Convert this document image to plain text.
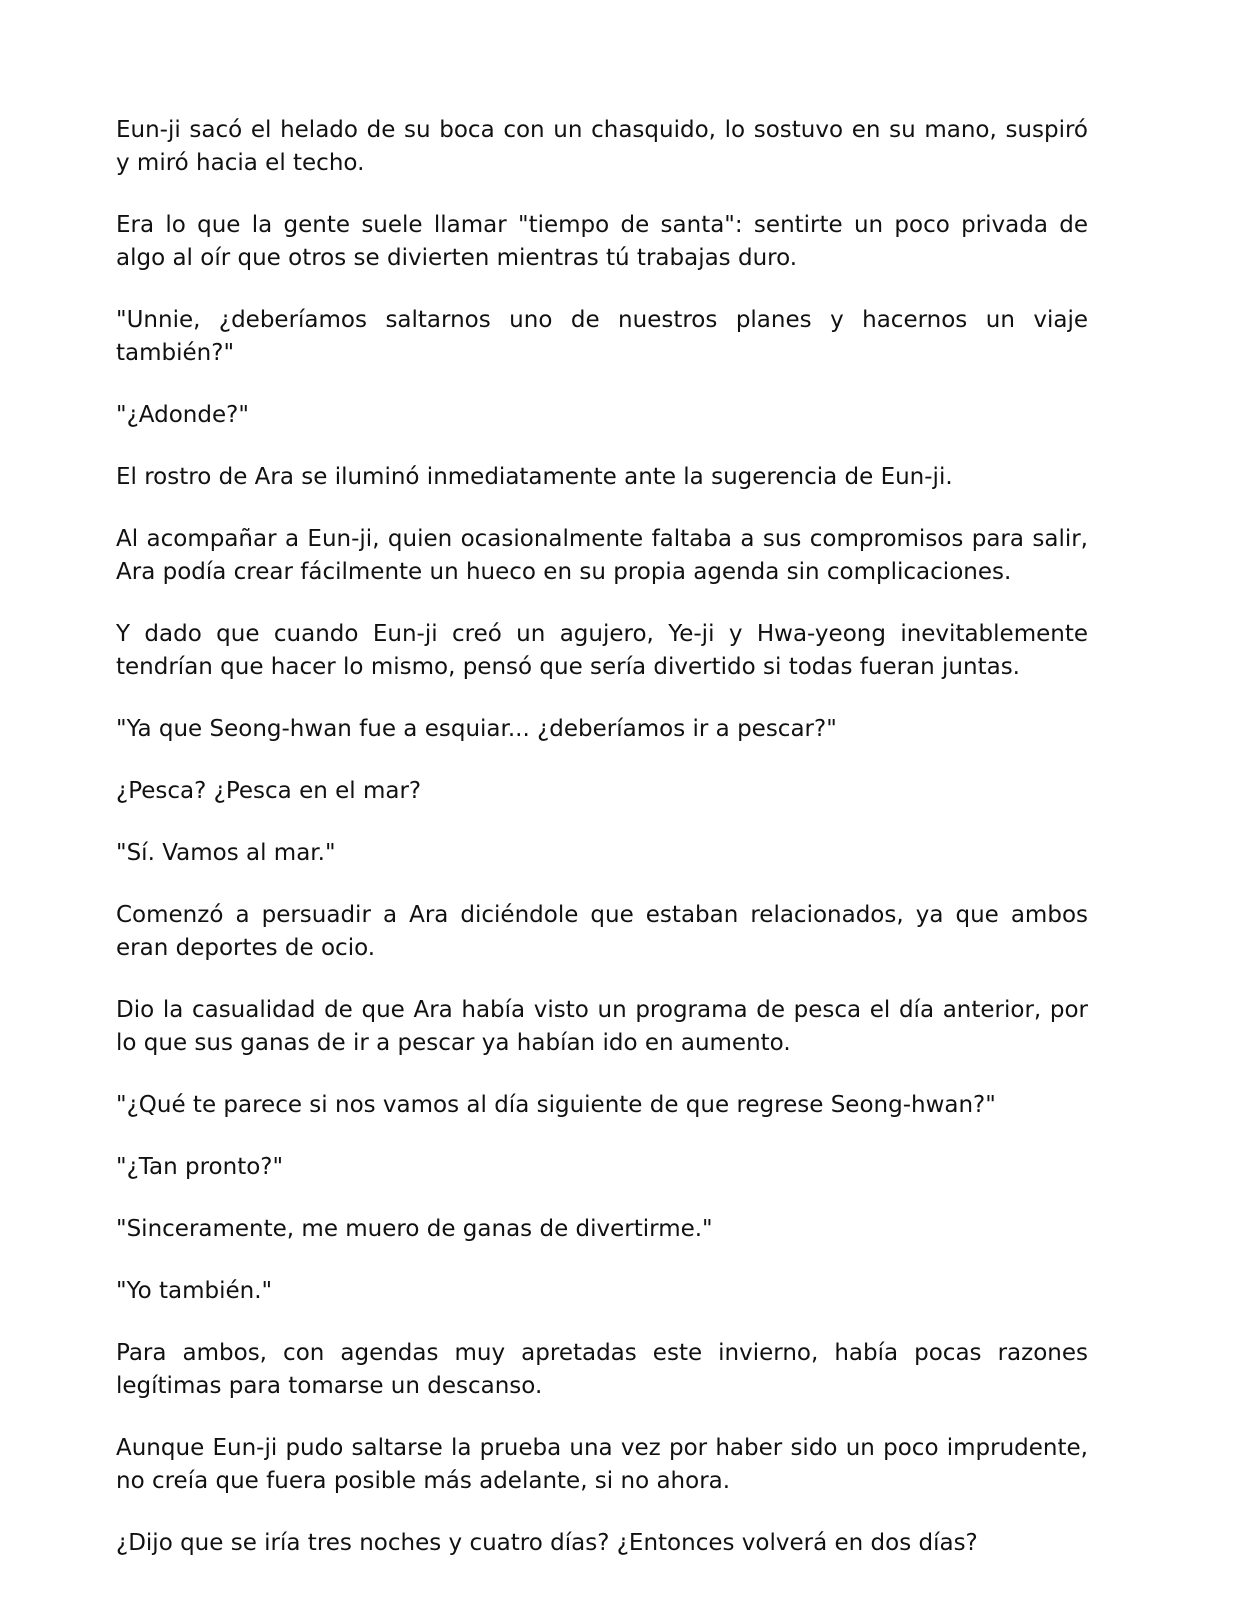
Eun-ji sacó el helado de su boca con un chasquido, lo sostuvo en su mano, suspiró y miró hacia el techo.

Era lo que la gente suele llamar "tiempo de santa": sentirte un poco privada de algo al oír que otros se divierten mientras tú trabajas duro.

"Unnie, ¿deberíamos saltarnos uno de nuestros planes y hacernos un viaje también?"

"¿Adonde?"

El rostro de Ara se iluminó inmediatamente ante la sugerencia de Eun-ji.

Al acompañar a Eun-ji, quien ocasionalmente faltaba a sus compromisos para salir, Ara podía crear fácilmente un hueco en su propia agenda sin complicaciones.

Y dado que cuando Eun-ji creó un agujero, Ye-ji y Hwa-yeong inevitablemente tendrían que hacer lo mismo, pensó que sería divertido si todas fueran juntas.

"Ya que Seong-hwan fue a esquiar... ¿deberíamos ir a pescar?"

¿Pesca? ¿Pesca en el mar?

"Sí. Vamos al mar."

Comenzó a persuadir a Ara diciéndole que estaban relacionados, ya que ambos eran deportes de ocio.

Dio la casualidad de que Ara había visto un programa de pesca el día anterior, por lo que sus ganas de ir a pescar ya habían ido en aumento.

"¿Qué te parece si nos vamos al día siguiente de que regrese Seong-hwan?"

"¿Tan pronto?"

"Sinceramente, me muero de ganas de divertirme."

"Yo también."

Para ambos, con agendas muy apretadas este invierno, había pocas razones legítimas para tomarse un descanso.

Aunque Eun-ji pudo saltarse la prueba una vez por haber sido un poco imprudente, no creía que fuera posible más adelante, si no ahora.

¿Dijo que se iría tres noches y cuatro días? ¿Entonces volverá en dos días?
